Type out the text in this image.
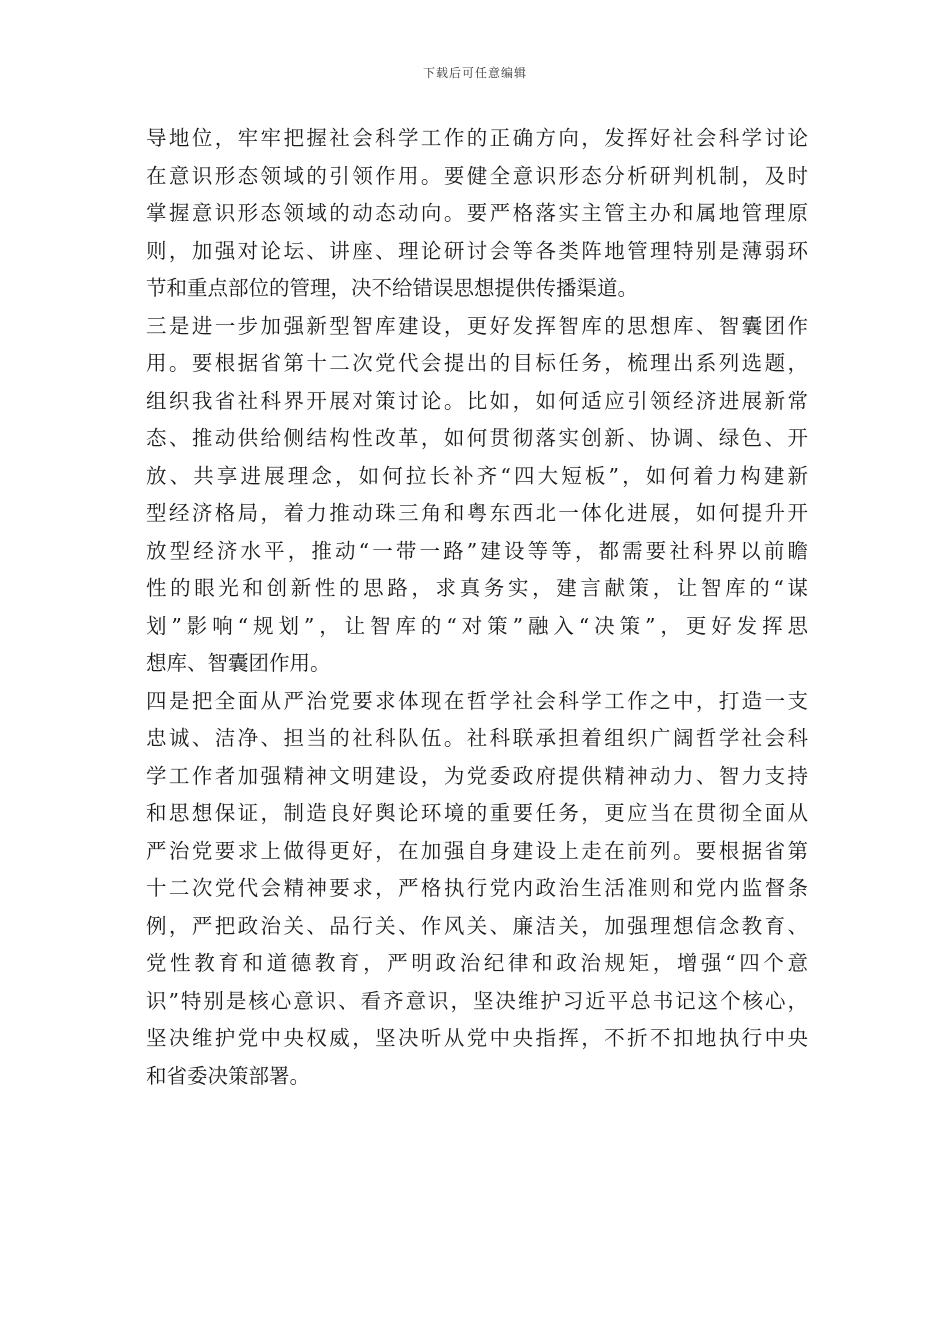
下载后可任意编辑
导地位，牢牢把握社会科学工作的正确方向，发挥好社会科学讨论
在意识形态领域的引领作用。要健全意识形态分析研判机制，及时
掌握意识形态领域的动态动向。要严格落实主管主办和属地管理原
则，加强对论坛、讲座、理论研讨会等各类阵地管理特别是薄弱环
节和重点部位的管理，决不给错误思想提供传播渠道。
三是进一步加强新型智库建设，更好发挥智库的思想库、智囊团作
用。要根据省第十二次党代会提出的目标任务，梳理出系列选题，
组织我省社科界开展对策讨论。比如，如何适应引领经济进展新常
态、推动供给侧结构性改革，如何贯彻落实创新、协调、绿色、开
放、共享进展理念，如何拉长补齐“四大短板”，如何着力构建新
型经济格局，着力推动珠三角和粤东西北一体化进展，如何提升开
放型经济水平，推动“一带一路”建设等等，都需要社科界以前瞻
性的眼光和创新性的思路，求真务实，建言献策，让智库的“谋
划”影响“规划”，让智库的“对策”融入“决策”，更好发挥思
想库、智囊团作用。
四是把全面从严治党要求体现在哲学社会科学工作之中，打造一支
忠诚、洁净、担当的社科队伍。社科联承担着组织广阔哲学社会科
学工作者加强精神文明建设，为党委政府提供精神动力、智力支持
和思想保证，制造良好舆论环境的重要任务，更应当在贯彻全面从
严治党要求上做得更好，在加强自身建设上走在前列。要根据省第
十二次党代会精神要求，严格执行党内政治生活准则和党内监督条
例，严把政治关、品行关、作风关、廉洁关，加强理想信念教育、
党性教育和道德教育，严明政治纪律和政治规矩，增强“四个意
识”特别是核心意识、看齐意识，坚决维护习近平总书记这个核心，
坚决维护党中央权威，坚决听从党中央指挥，不折不扣地执行中央
和省委决策部署。
